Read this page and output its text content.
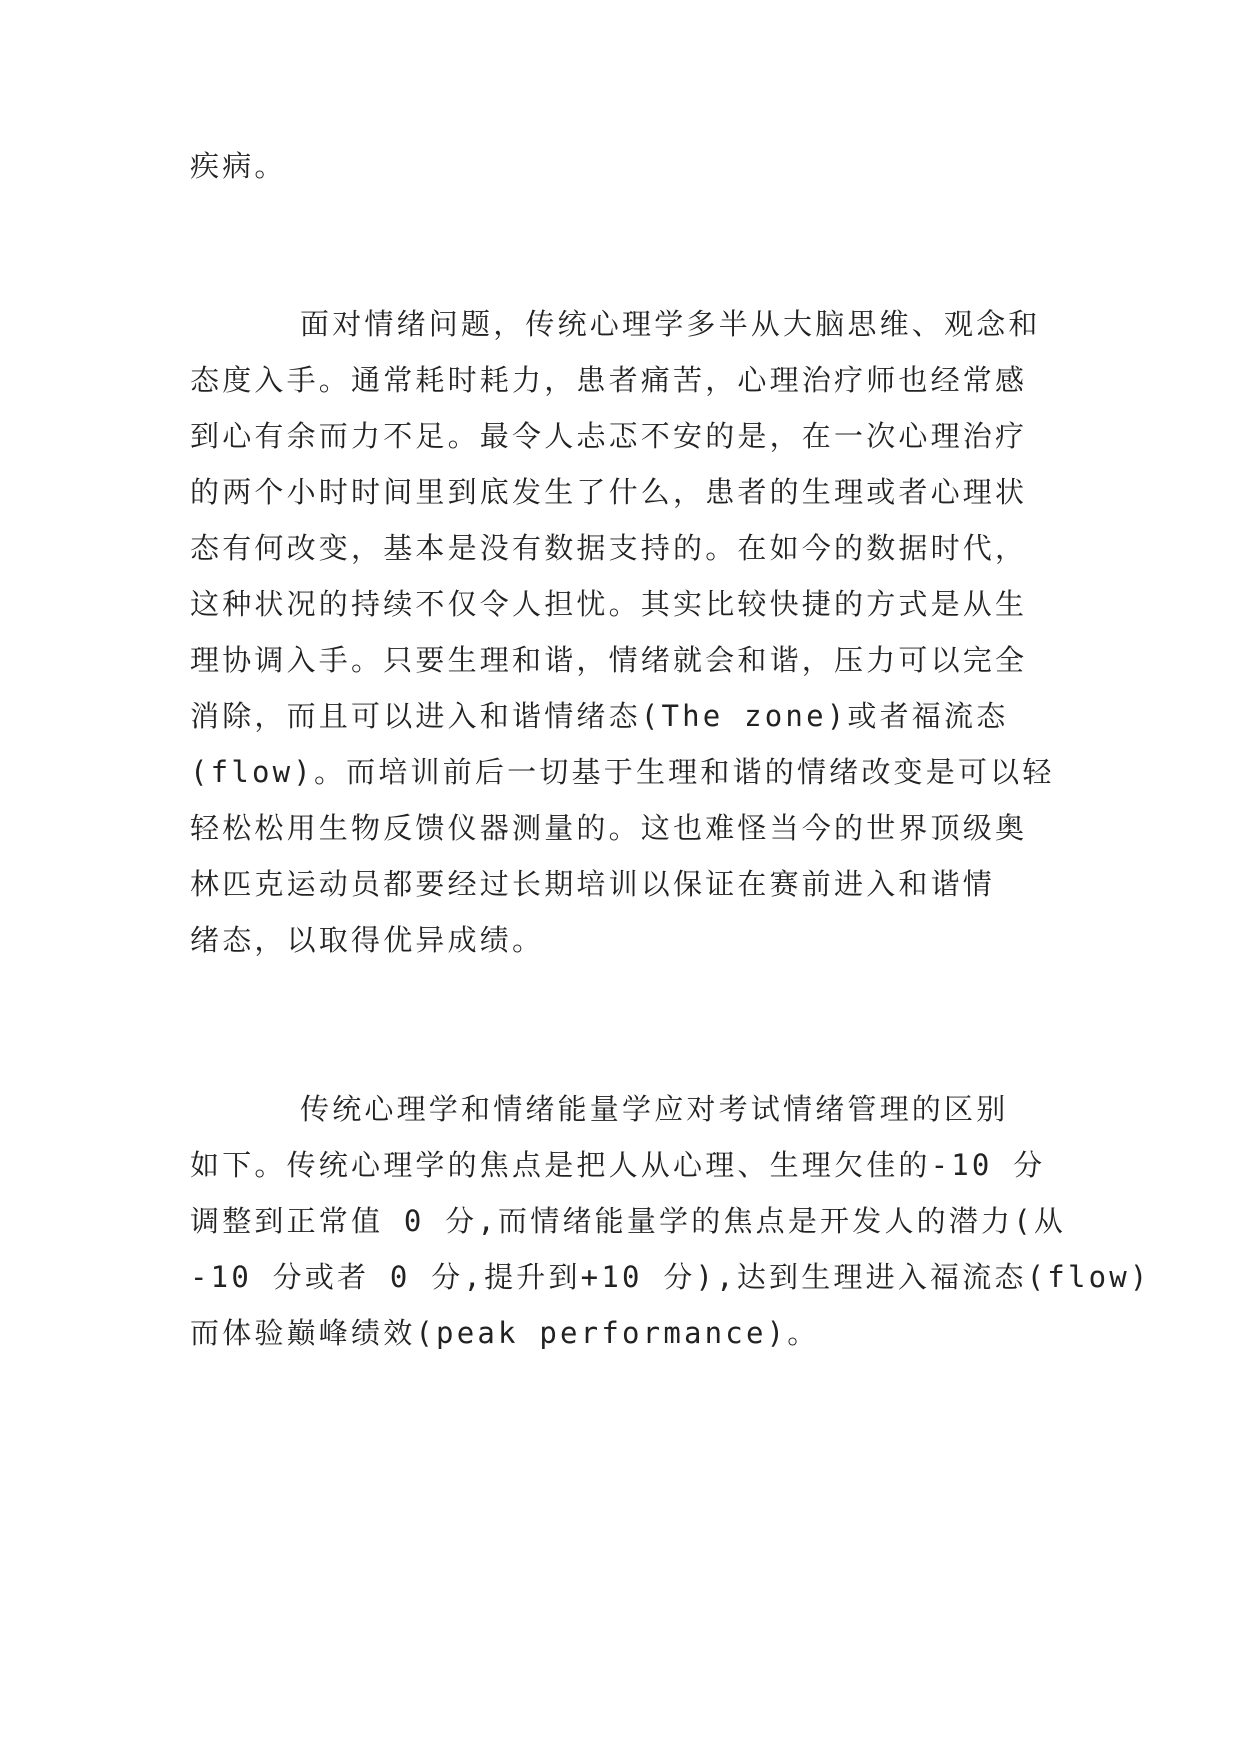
疾病。
面对情绪问题，传统心理学多半从大脑思维、观念和
态度入手。通常耗时耗力，患者痛苦，心理治疗师也经常感
到心有余而力不足。最令人忐忑不安的是，在一次心理治疗
的两个小时时间里到底发生了什么，患者的生理或者心理状
态有何改变，基本是没有数据支持的。在如今的数据时代，
这种状况的持续不仅令人担忧。其实比较快捷的方式是从生
理协调入手。只要生理和谐，情绪就会和谐，压力可以完全
消除，而且可以进入和谐情绪态(The zone)或者福流态
(flow)。而培训前后一切基于生理和谐的情绪改变是可以轻
轻松松用生物反馈仪器测量的。这也难怪当今的世界顶级奥
林匹克运动员都要经过长期培训以保证在赛前进入和谐情
绪态，以取得优异成绩。
传统心理学和情绪能量学应对考试情绪管理的区别
如下。传统心理学的焦点是把人从心理、生理欠佳的-10 分
调整到正常值 0 分,而情绪能量学的焦点是开发人的潜力(从
-10 分或者 0 分,提升到+10 分),达到生理进入福流态(flow)
而体验巅峰绩效(peak performance)。
